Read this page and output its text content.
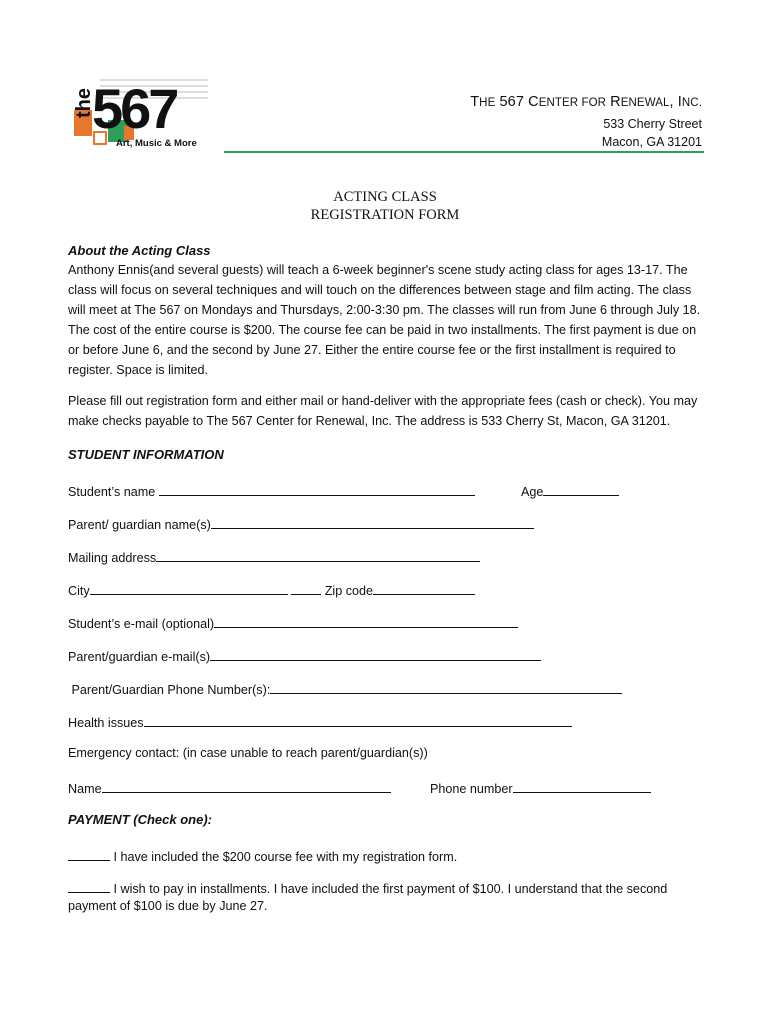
the
567
Art, Music & More
THE 567 CENTER FOR RENEWAL, INC.
533 Cherry Street
Macon, GA 31201
ACTING CLASS
REGISTRATION FORM
About the Acting Class
Anthony Ennis(and several guests) will teach a 6-week beginner's scene study acting class for ages 13-17. The class will focus on several techniques and will touch on the differences between stage and film acting. The class will meet at The 567 on Mondays and Thursdays, 2:00-3:30 pm. The classes will run from June 6 through July 18. The cost of the entire course is $200. The course fee can be paid in two installments. The first payment is due on or before June 6, and the second by June 27. Either the entire course fee or the first installment is required to register. Space is limited.
Please fill out registration form and either mail or hand-deliver with the appropriate fees (cash or check). You may make checks payable to The 567 Center for Renewal, Inc. The address is 533 Cherry St, Macon, GA 31201.
STUDENT INFORMATION
Student’s name	Age
Parent/ guardian name(s)
Mailing address
City	Zip code
Student’s e-mail (optional)
Parent/guardian e-mail(s)
Parent/Guardian Phone Number(s):
Health issues
Emergency contact: (in case unable to reach parent/guardian(s))
Name	Phone number
PAYMENT (Check one):
I have included the $200 course fee with my registration form.
I wish to pay in installments. I have included the first payment of $100. I understand that the second
payment of $100 is due by June 27.
